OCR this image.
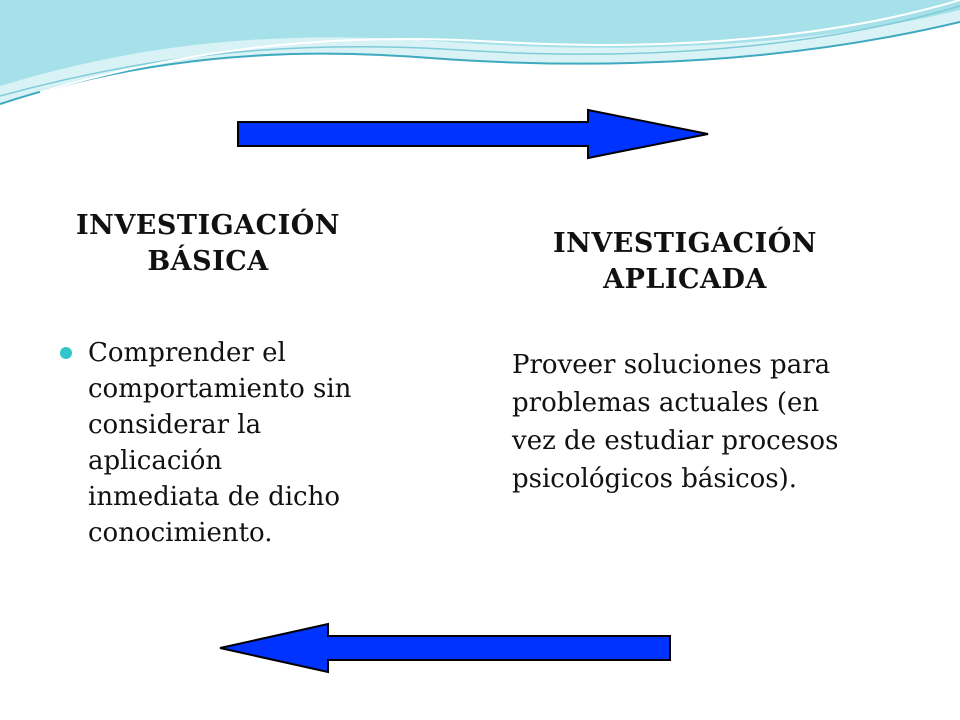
INVESTIGACIÓN
BÁSICA
INVESTIGACIÓN
APLICADA
Comprender el comportamiento sin considerar la aplicación inmediata de dicho conocimiento.

Proveer soluciones para problemas actuales (en vez de estudiar procesos psicológicos básicos).
